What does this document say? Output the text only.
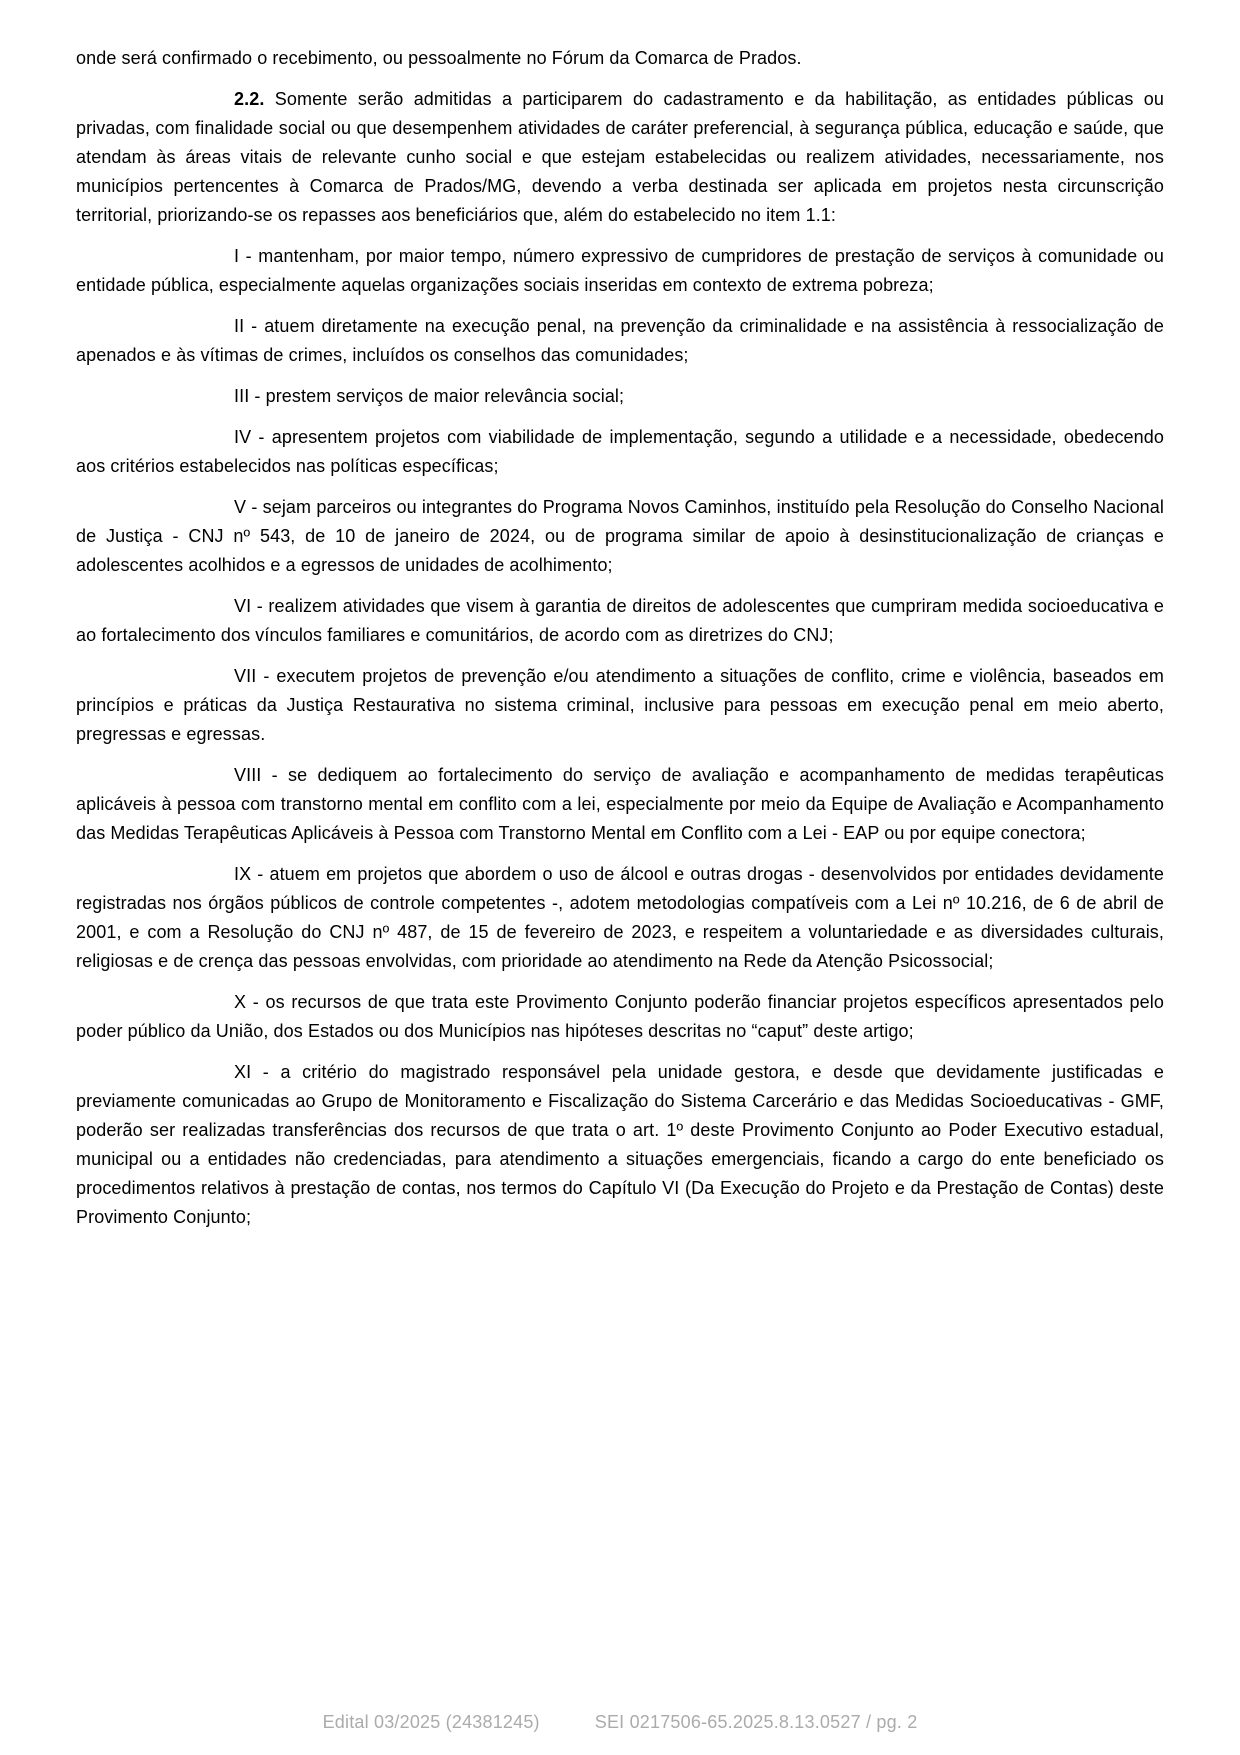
onde será confirmado o recebimento, ou pessoalmente no Fórum da Comarca de Prados.

2.2. Somente serão admitidas a participarem do cadastramento e da habilitação, as entidades públicas ou privadas, com finalidade social ou que desempenhem atividades de caráter preferencial, à segurança pública, educação e saúde, que atendam às áreas vitais de relevante cunho social e que estejam estabelecidas ou realizem atividades, necessariamente, nos municípios pertencentes à Comarca de Prados/MG, devendo a verba destinada ser aplicada em projetos nesta circunscrição territorial, priorizando-se os repasses aos beneficiários que, além do estabelecido no item 1.1:

I - mantenham, por maior tempo, número expressivo de cumpridores de prestação de serviços à comunidade ou entidade pública, especialmente aquelas organizações sociais inseridas em contexto de extrema pobreza;

II - atuem diretamente na execução penal, na prevenção da criminalidade e na assistência à ressocialização de apenados e às vítimas de crimes, incluídos os conselhos das comunidades;

III - prestem serviços de maior relevância social;

IV - apresentem projetos com viabilidade de implementação, segundo a utilidade e a necessidade, obedecendo aos critérios estabelecidos nas políticas específicas;

V - sejam parceiros ou integrantes do Programa Novos Caminhos, instituído pela Resolução do Conselho Nacional de Justiça - CNJ nº 543, de 10 de janeiro de 2024, ou de programa similar de apoio à desinstitucionalização de crianças e adolescentes acolhidos e a egressos de unidades de acolhimento;

VI - realizem atividades que visem à garantia de direitos de adolescentes que cumpriram medida socioeducativa e ao fortalecimento dos vínculos familiares e comunitários, de acordo com as diretrizes do CNJ;

VII - executem projetos de prevenção e/ou atendimento a situações de conflito, crime e violência, baseados em princípios e práticas da Justiça Restaurativa no sistema criminal, inclusive para pessoas em execução penal em meio aberto, pregressas e egressas.

VIII - se dediquem ao fortalecimento do serviço de avaliação e acompanhamento de medidas terapêuticas aplicáveis à pessoa com transtorno mental em conflito com a lei, especialmente por meio da Equipe de Avaliação e Acompanhamento das Medidas Terapêuticas Aplicáveis à Pessoa com Transtorno Mental em Conflito com a Lei - EAP ou por equipe conectora;

IX - atuem em projetos que abordem o uso de álcool e outras drogas - desenvolvidos por entidades devidamente registradas nos órgãos públicos de controle competentes -, adotem metodologias compatíveis com a Lei nº 10.216, de 6 de abril de 2001, e com a Resolução do CNJ nº 487, de 15 de fevereiro de 2023, e respeitem a voluntariedade e as diversidades culturais, religiosas e de crença das pessoas envolvidas, com prioridade ao atendimento na Rede da Atenção Psicossocial;

X - os recursos de que trata este Provimento Conjunto poderão financiar projetos específicos apresentados pelo poder público da União, dos Estados ou dos Municípios nas hipóteses descritas no “caput” deste artigo;

XI - a critério do magistrado responsável pela unidade gestora, e desde que devidamente justificadas e previamente comunicadas ao Grupo de Monitoramento e Fiscalização do Sistema Carcerário e das Medidas Socioeducativas - GMF, poderão ser realizadas transferências dos recursos de que trata o art. 1º deste Provimento Conjunto ao Poder Executivo estadual, municipal ou a entidades não credenciadas, para atendimento a situações emergenciais, ficando a cargo do ente beneficiado os procedimentos relativos à prestação de contas, nos termos do Capítulo VI (Da Execução do Projeto e da Prestação de Contas) deste Provimento Conjunto;

Edital 03/2025 (24381245)	SEI 0217506-65.2025.8.13.0527 / pg. 2
